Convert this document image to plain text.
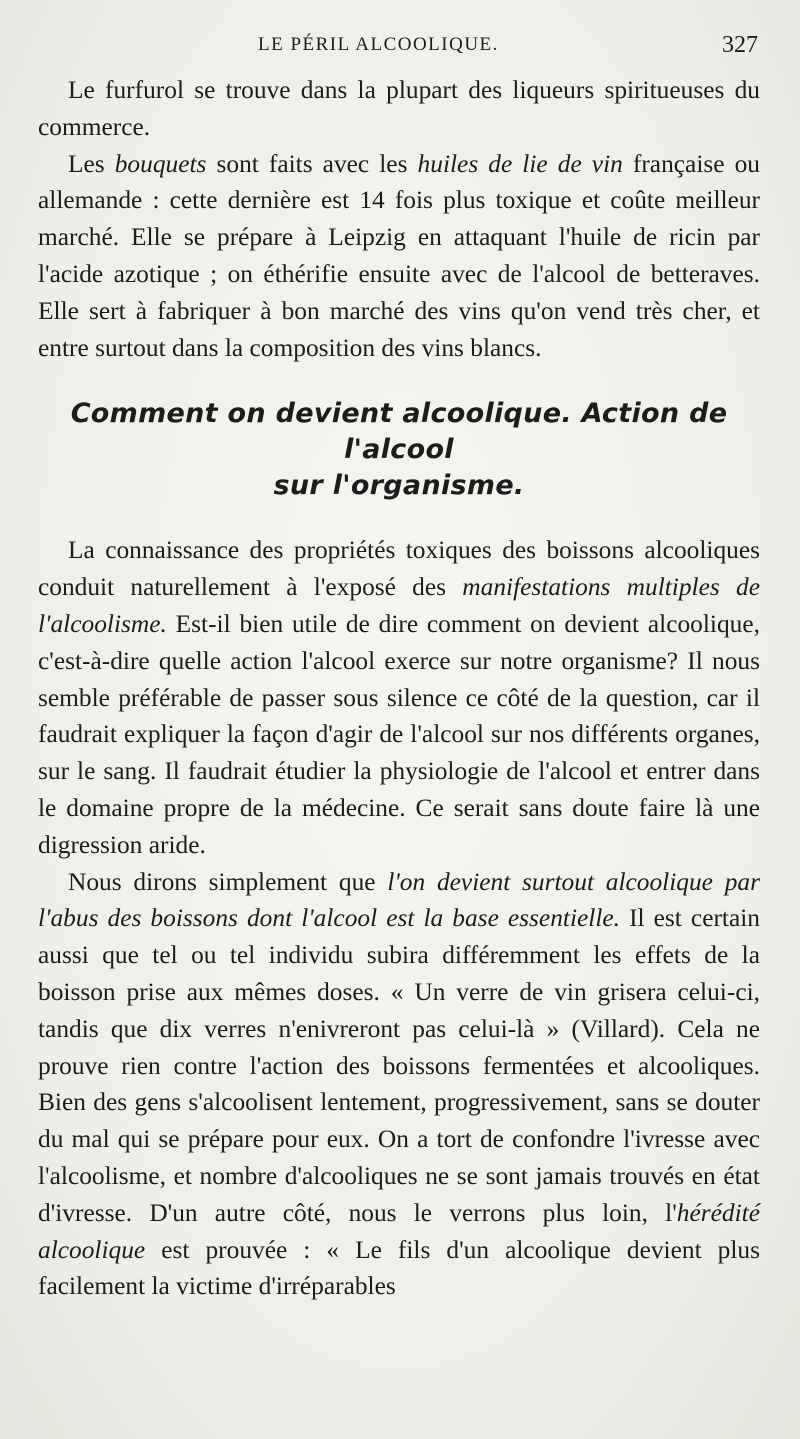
LE PÉRIL ALCOOLIQUE.	327

Le furfurol se trouve dans la plupart des liqueurs spiritueuses du commerce.

Les bouquets sont faits avec les huiles de lie de vin française ou allemande : cette dernière est 14 fois plus toxique et coûte meilleur marché. Elle se prépare à Leipzig en attaquant l'huile de ricin par l'acide azotique ; on éthérifie ensuite avec de l'alcool de betteraves. Elle sert à fabriquer à bon marché des vins qu'on vend très cher, et entre surtout dans la composition des vins blancs.

Comment on devient alcoolique. Action de l'alcool
sur l'organisme.

La connaissance des propriétés toxiques des boissons alcooliques conduit naturellement à l'exposé des manifestations multiples de l'alcoolisme. Est-il bien utile de dire comment on devient alcoolique, c'est-à-dire quelle action l'alcool exerce sur notre organisme? Il nous semble préférable de passer sous silence ce côté de la question, car il faudrait expliquer la façon d'agir de l'alcool sur nos différents organes, sur le sang. Il faudrait étudier la physiologie de l'alcool et entrer dans le domaine propre de la médecine. Ce serait sans doute faire là une digression aride.

Nous dirons simplement que l'on devient surtout alcoolique par l'abus des boissons dont l'alcool est la base essentielle. Il est certain aussi que tel ou tel individu subira différemment les effets de la boisson prise aux mêmes doses. « Un verre de vin grisera celui-ci, tandis que dix verres n'enivreront pas celui-là » (Villard). Cela ne prouve rien contre l'action des boissons fermentées et alcooliques. Bien des gens s'alcoolisent lentement, progressivement, sans se douter du mal qui se prépare pour eux. On a tort de confondre l'ivresse avec l'alcoolisme, et nombre d'alcooliques ne se sont jamais trouvés en état d'ivresse. D'un autre côté, nous le verrons plus loin, l'hérédité alcoolique est prouvée : « Le fils d'un alcoolique devient plus facilement la victime d'irréparables
